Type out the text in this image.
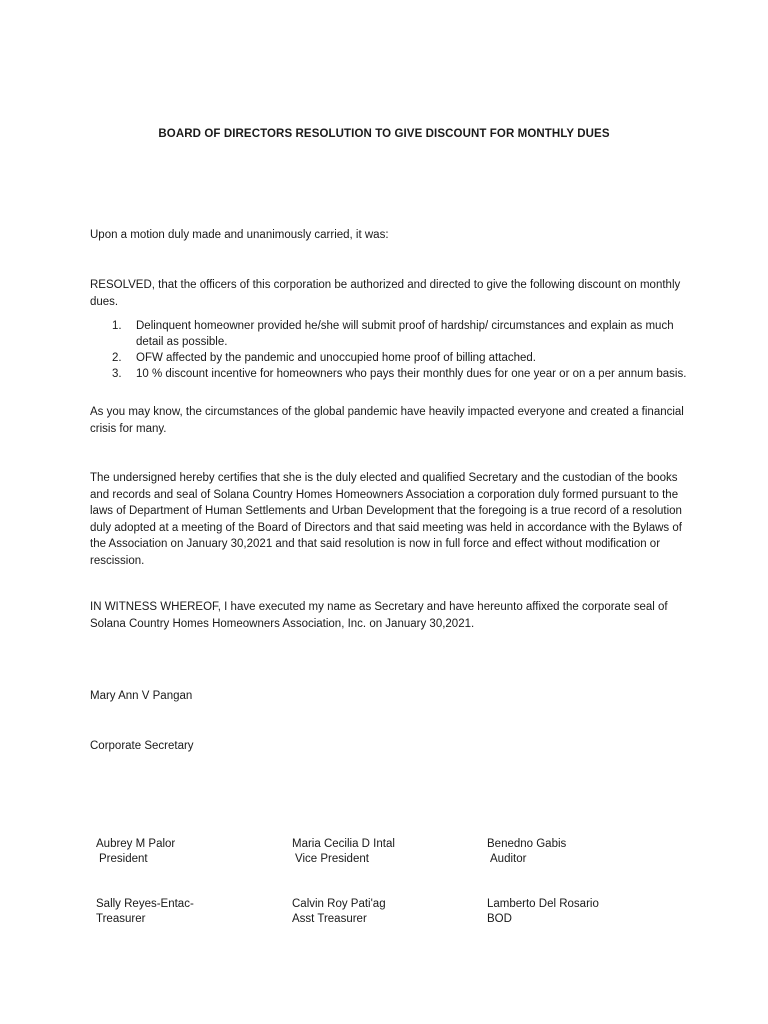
BOARD OF DIRECTORS RESOLUTION TO GIVE DISCOUNT FOR MONTHLY DUES

Upon a motion duly made and unanimously carried, it was:

RESOLVED, that the officers of this corporation be authorized and directed to give the following discount on monthly dues.

1. Delinquent homeowner provided he/she will submit proof of hardship/ circumstances and explain as much detail as possible.
2. OFW affected by the pandemic and unoccupied home proof of billing attached.
3. 10 % discount incentive for homeowners who pays their monthly dues for one year or on a per annum basis.

As you may know, the circumstances of the global pandemic have heavily impacted everyone and created a financial crisis for many.

The undersigned hereby certifies that she is the duly elected and qualified Secretary and the custodian of the books and records and seal of Solana Country Homes Homeowners Association a corporation duly formed pursuant to the laws of Department of Human Settlements and Urban Development that the foregoing is a true record of a resolution duly adopted at a meeting of the Board of Directors and that said meeting was held in accordance with the Bylaws of the Association on January 30,2021 and that said resolution is now in full force and effect without modification or rescission.

IN WITNESS WHEREOF, I have executed my name as Secretary and have hereunto affixed the corporate seal of Solana Country Homes Homeowners Association, Inc. on January 30,2021.

Mary Ann V Pangan

Corporate Secretary

Aubrey M Palor
President
Maria Cecilia D Intal
Vice President
Benedno Gabis
Auditor
Sally Reyes-Entac-
Treasurer
Calvin Roy Pati'ag
Asst Treasurer
Lamberto Del Rosario
BOD
